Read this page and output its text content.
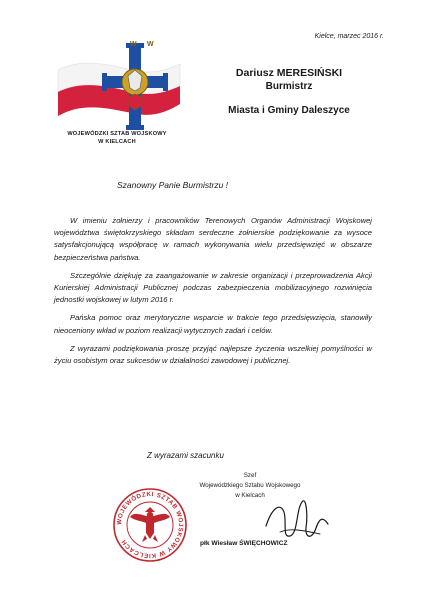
Kielce, marzec 2016 r.
W W
WOJEWÓDZKI SZTAB WOJSKOWY
W KIELCACH
Dariusz MERESIŃSKI
Burmistrz
Miasta i Gminy Daleszyce
Szanowny Panie Burmistrzu !

W imieniu żołnierzy i pracowników Terenowych Organów Administracji Wojskowej województwa świętokrzyskiego składam serdeczne żołnierskie podziękowanie za wysoce satysfakcjonującą współpracę w ramach wykonywania wielu przedsięwzięć w obszarze bezpieczeństwa państwa.

Szczególnie dziękuję za zaangażowanie w zakresie organizacji i przeprowadzenia Akcji Kurierskiej Administracji Publicznej podczas zabezpieczenia mobilizacyjnego rozwinięcia jednostki wojskowej w lutym 2016 r.

Pańska pomoc oraz merytoryczne wsparcie w trakcie tego przedsięwzięcia, stanowiły nieocenionу wkład w poziom realizacji wytycznych zadań i celów.

Z wyrazami podziękowania proszę przyjąć najlepsze życzenia wszelkiej pomyślności w życiu osobistym oraz sukcesów w działalności zawodowej i publicznej.

Z wyrazami szacunku
Szef
Wojewódzkiego Sztabu Wojskowego
w Kielcach
płk Wiesław ŚWIĘCHOWICZ
WOJEWÓDZKI SZTAB WOJSKOWY W KIELCACH
